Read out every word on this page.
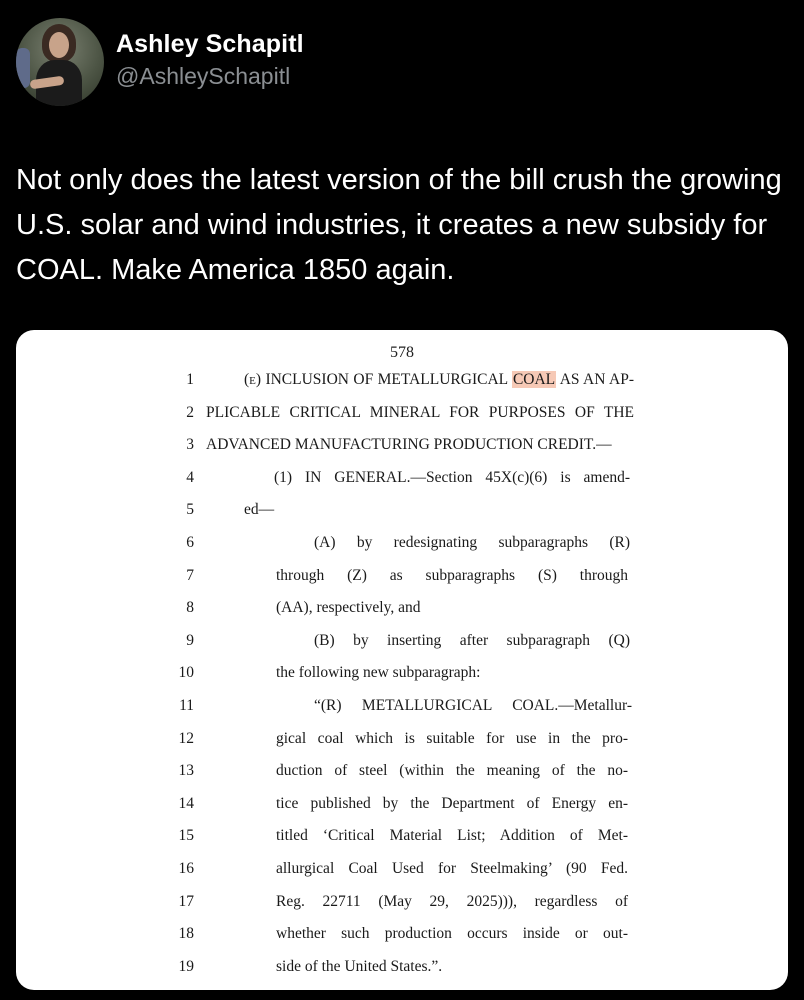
Ashley Schapitl
@AshleySchapitl
Not only does the latest version of the bill crush the growing U.S. solar and wind industries, it creates a new subsidy for COAL. Make America 1850 again.
578
1	(e) INCLUSION OF METALLURGICAL COAL AS AN AP-
2 PLICABLE CRITICAL MINERAL FOR PURPOSES OF THE
3 ADVANCED MANUFACTURING PRODUCTION CREDIT.—
4	(1) IN GENERAL.—Section 45X(c)(6) is amend-
5	ed—
6	(A) by redesignating subparagraphs (R)
7	through (Z) as subparagraphs (S) through
8	(AA), respectively, and
9	(B) by inserting after subparagraph (Q)
10	the following new subparagraph:
11	“(R) METALLURGICAL COAL.—Metallur-
12	gical coal which is suitable for use in the pro-
13	duction of steel (within the meaning of the no-
14	tice published by the Department of Energy en-
15	titled ‘Critical Material List; Addition of Met-
16	allurgical Coal Used for Steelmaking’ (90 Fed.
17	Reg. 22711 (May 29, 2025))), regardless of
18	whether such production occurs inside or out-
19	side of the United States.”.
